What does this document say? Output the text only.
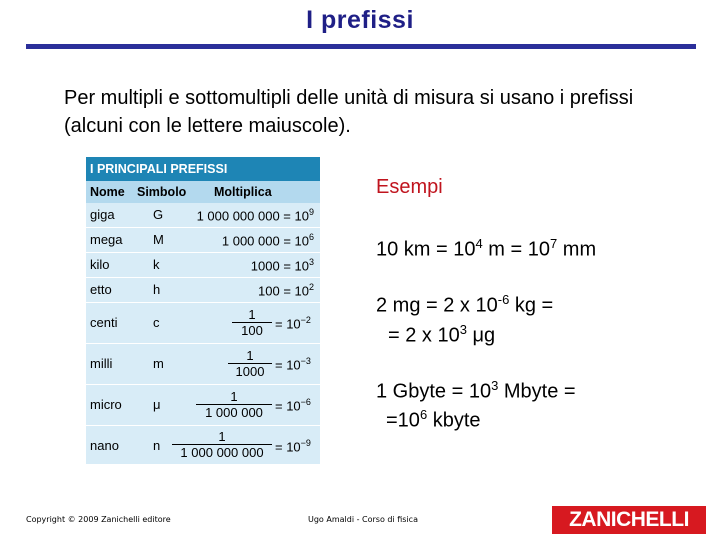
I prefissi
Per multipli e sottomultipli delle unità di misura si usano i prefissi (alcuni con le lettere maiuscole).
I PRINCIPALI PREFISSI
Nome Simbolo Moltiplica
giga	G	1 000 000 $000 = 10^9$
mega M	1 000 $000 = 10^6$
kilo	k	$1000 = 10^3$
etto	h	$100 = 10^2$
centi	c	$\frac{1}{100} = 10^{-2}$
milli	m	$\frac{1}{1000} = 10^{-3}$
micro μ	$\frac{1}{1 000 000} = 10^{-6}$
nano	n $\frac{1}{1 000 000 000} = 10^{-9}$
Esempi
10 km = $10^4$ $m = 10^7$ mm
2 mg = 2 x $10^{-6}$ kg =
= 2 x $10^3$ μg
1 Gbyte = $10^3$ Mbyte =
$=10^6$ kbyte
Copyright © 2009 Zanichelli editore	Ugo Amaldi - Corso di fisica	ZANICHELLI
